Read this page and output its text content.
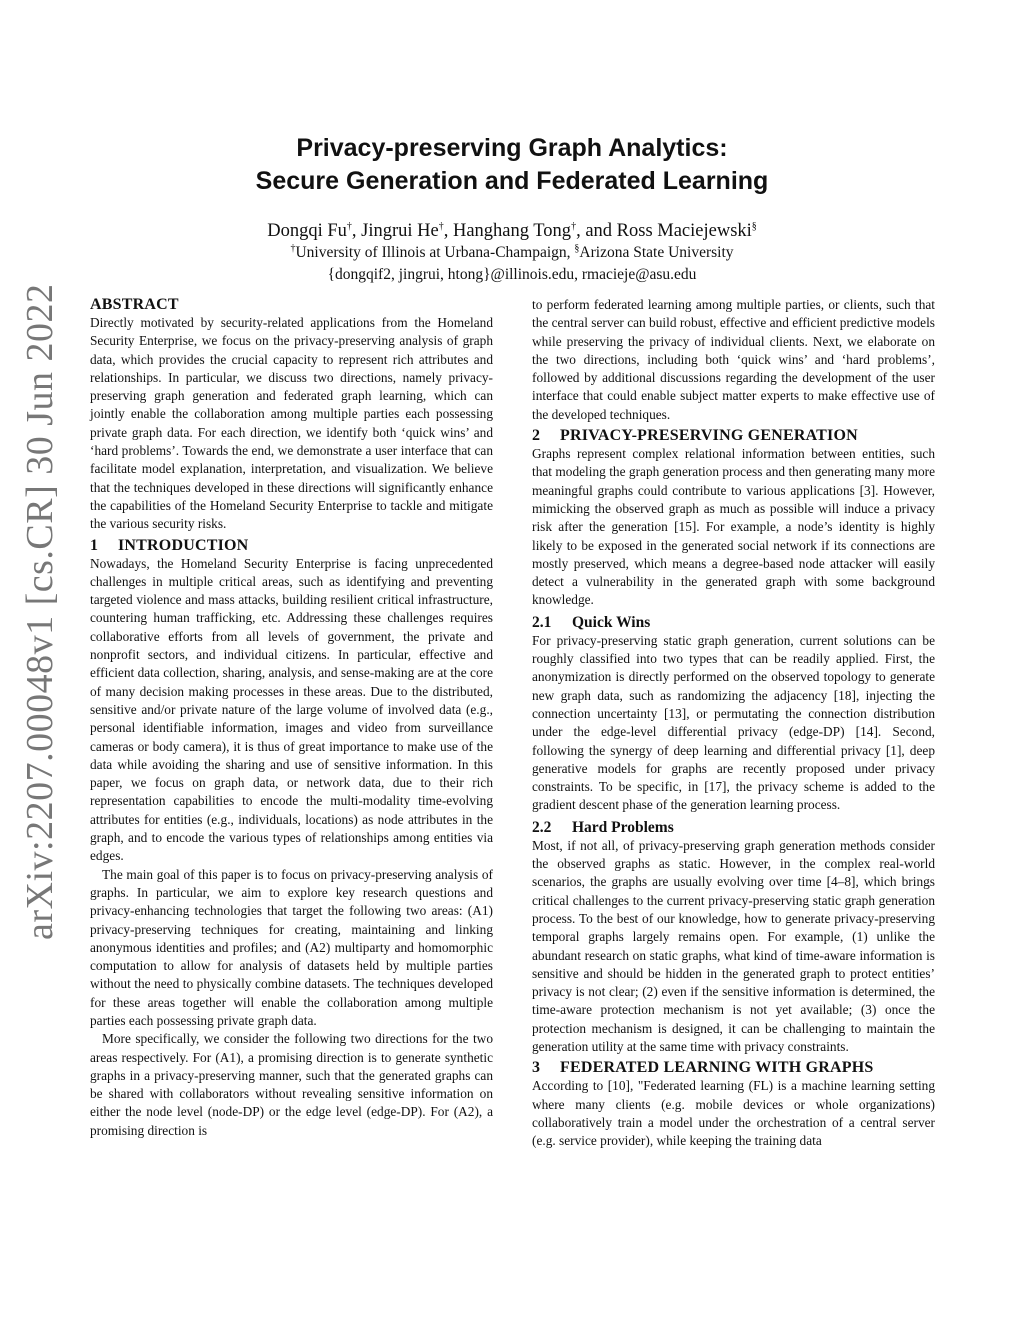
arXiv:2207.00048v1 [cs.CR] 30 Jun 2022
Privacy-preserving Graph Analytics:
Secure Generation and Federated Learning
Dongqi Fu†, Jingrui He†, Hanghang Tong†, and Ross Maciejewski§
†University of Illinois at Urbana-Champaign, §Arizona State University
{dongqif2, jingrui, htong}@illinois.edu, rmacieje@asu.edu
ABSTRACT

Directly motivated by security-related applications from the Homeland Security Enterprise, we focus on the privacy-preserving analysis of graph data, which provides the crucial capacity to represent rich attributes and relationships. In particular, we discuss two directions, namely privacy-preserving graph generation and federated graph learning, which can jointly enable the collaboration among multiple parties each possessing private graph data. For each direction, we identify both ‘quick wins’ and ‘hard problems’. Towards the end, we demonstrate a user interface that can facilitate model explanation, interpretation, and visualization. We believe that the techniques developed in these directions will significantly enhance the capabilities of the Homeland Security Enterprise to tackle and mitigate the various security risks.

1 INTRODUCTION

Nowadays, the Homeland Security Enterprise is facing unprecedented challenges in multiple critical areas, such as identifying and preventing targeted violence and mass attacks, building resilient critical infrastructure, countering human trafficking, etc. Addressing these challenges requires collaborative efforts from all levels of government, the private and nonprofit sectors, and individual citizens. In particular, effective and efficient data collection, sharing, analysis, and sense-making are at the core of many decision making processes in these areas. Due to the distributed, sensitive and/or private nature of the large volume of involved data (e.g., personal identifiable information, images and video from surveillance cameras or body camera), it is thus of great importance to make use of the data while avoiding the sharing and use of sensitive information. In this paper, we focus on graph data, or network data, due to their rich representation capabilities to encode the multi-modality time-evolving attributes for entities (e.g., individuals, locations) as node attributes in the graph, and to encode the various types of relationships among entities via edges.

The main goal of this paper is to focus on privacy-preserving analysis of graphs. In particular, we aim to explore key research questions and privacy-enhancing technologies that target the following two areas: (A1) privacy-preserving techniques for creating, maintaining and linking anonymous identities and profiles; and (A2) multiparty and homomorphic computation to allow for analysis of datasets held by multiple parties without the need to physically combine datasets. The techniques developed for these areas together will enable the collaboration among multiple parties each possessing private graph data.

More specifically, we consider the following two directions for the two areas respectively. For (A1), a promising direction is to generate synthetic graphs in a privacy-preserving manner, such that the generated graphs can be shared with collaborators without revealing sensitive information on either the node level (node-DP) or the edge level (edge-DP). For (A2), a promising direction is

to perform federated learning among multiple parties, or clients, such that the central server can build robust, effective and efficient predictive models while preserving the privacy of individual clients. Next, we elaborate on the two directions, including both ‘quick wins’ and ‘hard problems’, followed by additional discussions regarding the development of the user interface that could enable subject matter experts to make effective use of the developed techniques.

2 PRIVACY-PRESERVING GENERATION

Graphs represent complex relational information between entities, such that modeling the graph generation process and then generating many more meaningful graphs could contribute to various applications [3]. However, mimicking the observed graph as much as possible will induce a privacy risk after the generation [15]. For example, a node’s identity is highly likely to be exposed in the generated social network if its connections are mostly preserved, which means a degree-based node attacker will easily detect a vulnerability in the generated graph with some background knowledge.

2.1 Quick Wins

For privacy-preserving static graph generation, current solutions can be roughly classified into two types that can be readily applied. First, the anonymization is directly performed on the observed topology to generate new graph data, such as randomizing the adjacency [18], injecting the connection uncertainty [13], or permutating the connection distribution under the edge-level differential privacy (edge-DP) [14]. Second, following the synergy of deep learning and differential privacy [1], deep generative models for graphs are recently proposed under privacy constraints. To be specific, in [17], the privacy scheme is added to the gradient descent phase of the generation learning process.

2.2 Hard Problems

Most, if not all, of privacy-preserving graph generation methods consider the observed graphs as static. However, in the complex real-world scenarios, the graphs are usually evolving over time [4–8], which brings critical challenges to the current privacy-preserving static graph generation process. To the best of our knowledge, how to generate privacy-preserving temporal graphs largely remains open. For example, (1) unlike the abundant research on static graphs, what kind of time-aware information is sensitive and should be hidden in the generated graph to protect entities’ privacy is not clear; (2) even if the sensitive information is determined, the time-aware protection mechanism is not yet available; (3) once the protection mechanism is designed, it can be challenging to maintain the generation utility at the same time with privacy constraints.

3 FEDERATED LEARNING WITH GRAPHS

According to [10], "Federated learning (FL) is a machine learning setting where many clients (e.g. mobile devices or whole organizations) collaboratively train a model under the orchestration of a central server (e.g. service provider), while keeping the training data
